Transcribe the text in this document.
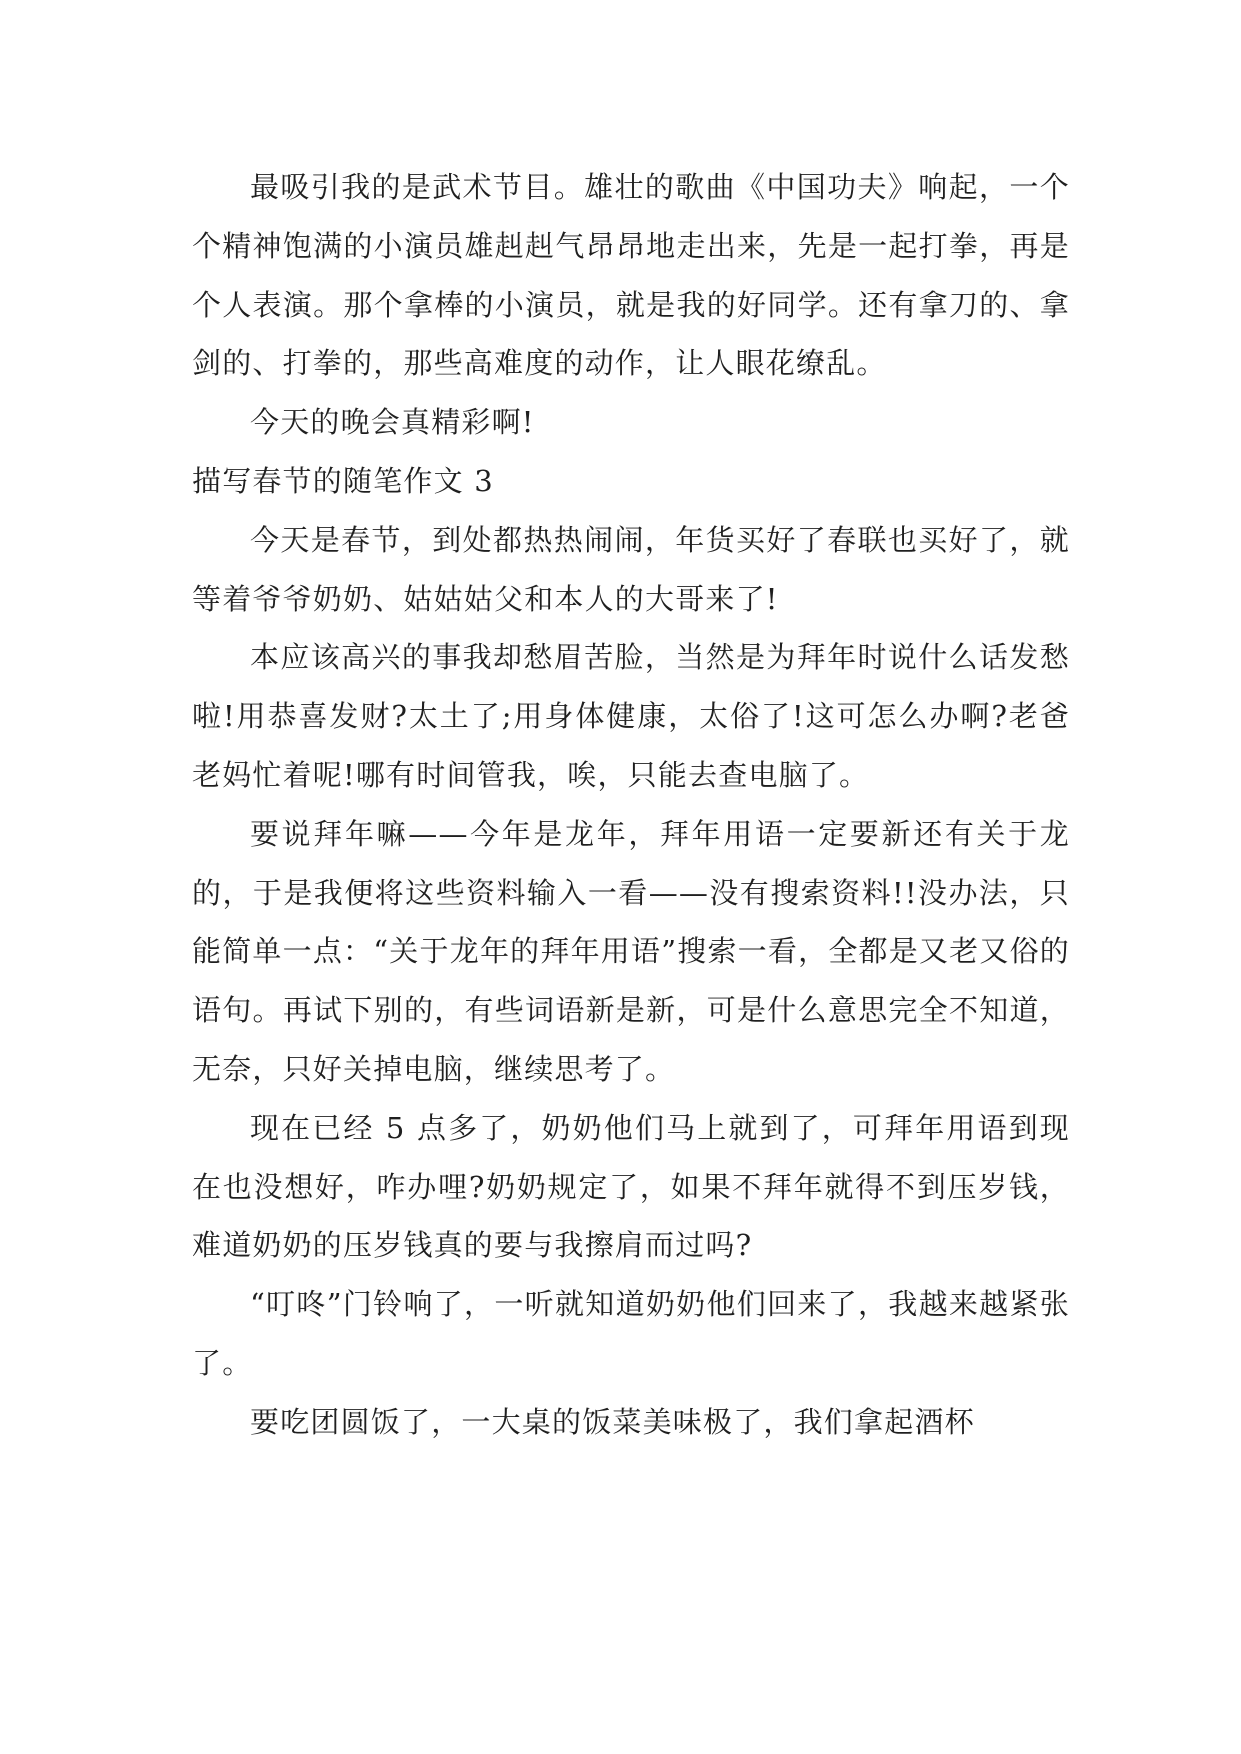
最吸引我的是武术节目。雄壮的歌曲《中国功夫》响起，一个个精神饱满的小演员雄赳赳气昂昂地走出来，先是一起打拳，再是个人表演。那个拿棒的小演员，就是我的好同学。还有拿刀的、拿剑的、打拳的，那些高难度的动作，让人眼花缭乱。

今天的晚会真精彩啊!

描写春节的随笔作文 3

今天是春节，到处都热热闹闹，年货买好了春联也买好了，就等着爷爷奶奶、姑姑姑父和本人的大哥来了!

本应该高兴的事我却愁眉苦脸，当然是为拜年时说什么话发愁啦!用恭喜发财?太土了;用身体健康，太俗了!这可怎么办啊?老爸老妈忙着呢!哪有时间管我，唉，只能去查电脑了。

要说拜年嘛——今年是龙年，拜年用语一定要新还有关于龙的，于是我便将这些资料输入一看——没有搜索资料!!没办法，只能简单一点：“关于龙年的拜年用语”搜索一看，全都是又老又俗的语句。再试下别的，有些词语新是新，可是什么意思完全不知道，无奈，只好关掉电脑，继续思考了。

现在已经 5 点多了，奶奶他们马上就到了，可拜年用语到现在也没想好，咋办哩?奶奶规定了，如果不拜年就得不到压岁钱，难道奶奶的压岁钱真的要与我擦肩而过吗?

“叮咚”门铃响了，一听就知道奶奶他们回来了，我越来越紧张了。

要吃团圆饭了，一大桌的饭菜美味极了，我们拿起酒杯
